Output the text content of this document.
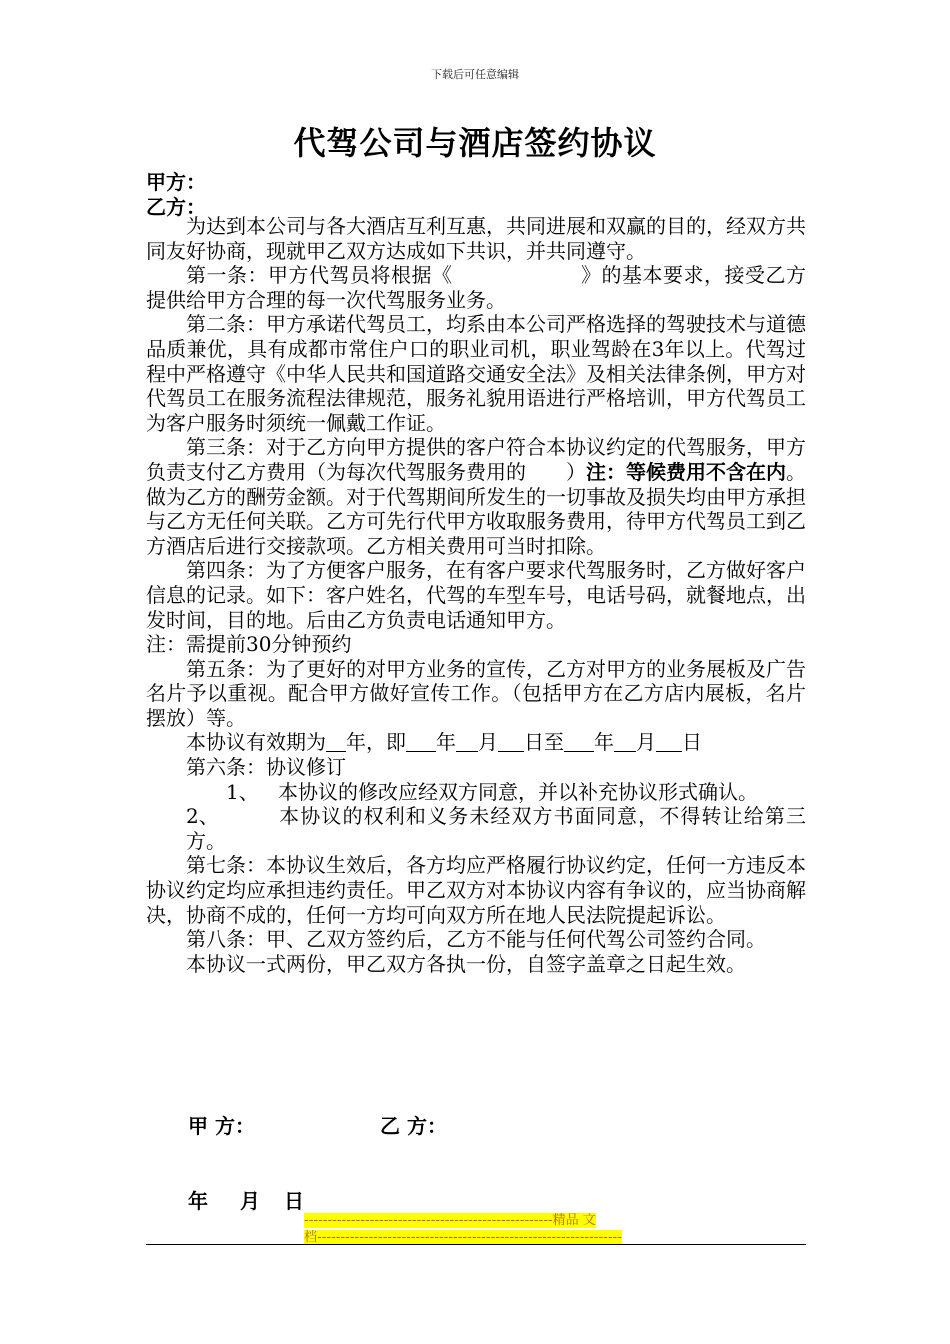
下载后可任意编辑
代驾公司与酒店签约协议
甲方：
乙方：

为达到本公司与各大酒店互利互惠，共同进展和双赢的目的，经双方共同友好协商，现就甲乙双方达成如下共识，并共同遵守。

第一条：甲方代驾员将根据《	》的基本要求，接受乙方提供给甲方合理的每一次代驾服务业务。

第二条：甲方承诺代驾员工，均系由本公司严格选择的驾驶技术与道德品质兼优，具有成都市常住户口的职业司机，职业驾龄在3年以上。代驾过程中严格遵守《中华人民共和国道路交通安全法》及相关法律条例，甲方对代驾员工在服务流程法律规范，服务礼貌用语进行严格培训，甲方代驾员工为客户服务时须统一佩戴工作证。

第三条：对于乙方向甲方提供的客户符合本协议约定的代驾服务，甲方负责支付乙方费用（为每次代驾服务费用的 ）注：等候费用不含在内。做为乙方的酬劳金额。对于代驾期间所发生的一切事故及损失均由甲方承担与乙方无任何关联。乙方可先行代甲方收取服务费用，待甲方代驾员工到乙方酒店后进行交接款项。乙方相关费用可当时扣除。

第四条：为了方便客户服务，在有客户要求代驾服务时，乙方做好客户信息的记录。如下：客户姓名，代驾的车型车号，电话号码，就餐地点，出发时间，目的地。后由乙方负责电话通知甲方。

注：需提前30分钟预约

第五条：为了更好的对甲方业务的宣传，乙方对甲方的业务展板及广告名片予以重视。配合甲方做好宣传工作。（包括甲方在乙方店内展板，名片摆放）等。

本协议有效期为 年，即 年 月 日至 年 月 日

第六条：协议修订

1、 本协议的修改应经双方同意，并以补充协议形式确认。

2、	本协议的权利和义务未经双方书面同意，不得转让给第三方。

第七条：本协议生效后，各方均应严格履行协议约定，任何一方违反本协议约定均应承担违约责任。甲乙双方对本协议内容有争议的，应当协商解决，协商不成的，任何一方均可向双方所在地人民法院提起诉讼。

第八条：甲、乙双方签约后，乙方不能与任何代驾公司签约合同。

本协议一式两份，甲乙双方各执一份，自签字盖章之日起生效。

甲 方：	乙 方：
年 月 日
-----------------------------------------------------精品 文
档-----------------------------------------------------------------
